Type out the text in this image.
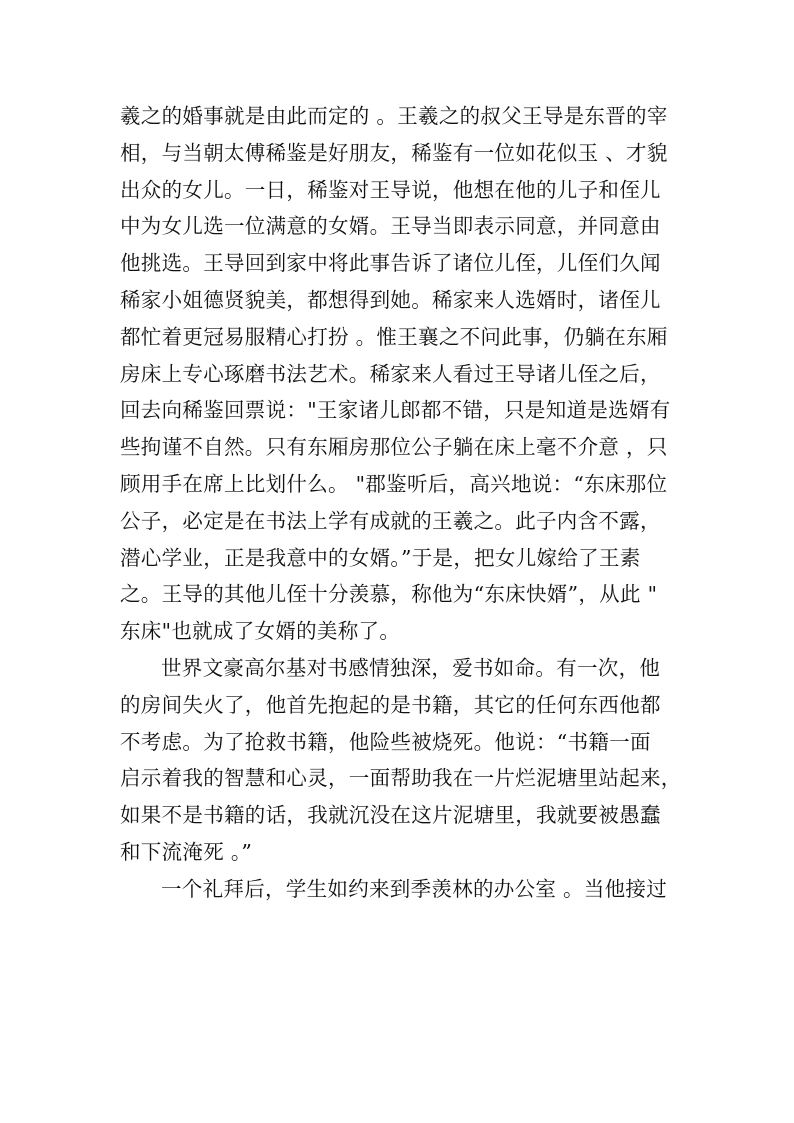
羲之的婚事就是由此而定的 。王羲之的叔父王导是东晋的宰
相，与当朝太傅稀鉴是好朋友，稀鉴有一位如花似玉 、才貌
出众的女儿。一日，稀鉴对王导说，他想在他的儿子和侄儿
中为女儿选一位满意的女婿。王导当即表示同意，并同意由
他挑选。王导回到家中将此事告诉了诸位儿侄，儿侄们久闻
稀家小姐德贤貌美，都想得到她。稀家来人选婿时，诸侄儿
都忙着更冠易服精心打扮 。惟王襄之不问此事，仍躺在东厢
房床上专心琢磨书法艺术。稀家来人看过王导诸儿侄之后，
回去向稀鉴回票说："王家诸儿郎都不错，只是知道是选婿有
些拘谨不自然。只有东厢房那位公子躺在床上毫不介意 ，只
顾用手在席上比划什么。 "郡鉴听后，高兴地说：“东床那位
公子，必定是在书法上学有成就的王羲之。此子内含不露，
潜心学业，正是我意中的女婿。”于是，把女儿嫁给了王素
之。王导的其他儿侄十分羡慕，称他为“东床快婿”，从此 "
东床"也就成了女婿的美称了。
世界文豪高尔基对书感情独深，爱书如命。有一次，他
的房间失火了，他首先抱起的是书籍，其它的任何东西他都
不考虑。为了抢救书籍，他险些被烧死。他说：“书籍一面
启示着我的智慧和心灵，一面帮助我在一片烂泥塘里站起来，
如果不是书籍的话，我就沉没在这片泥塘里，我就要被愚蠢
和下流淹死 。”
一个礼拜后，学生如约来到季羡林的办公室 。当他接过
